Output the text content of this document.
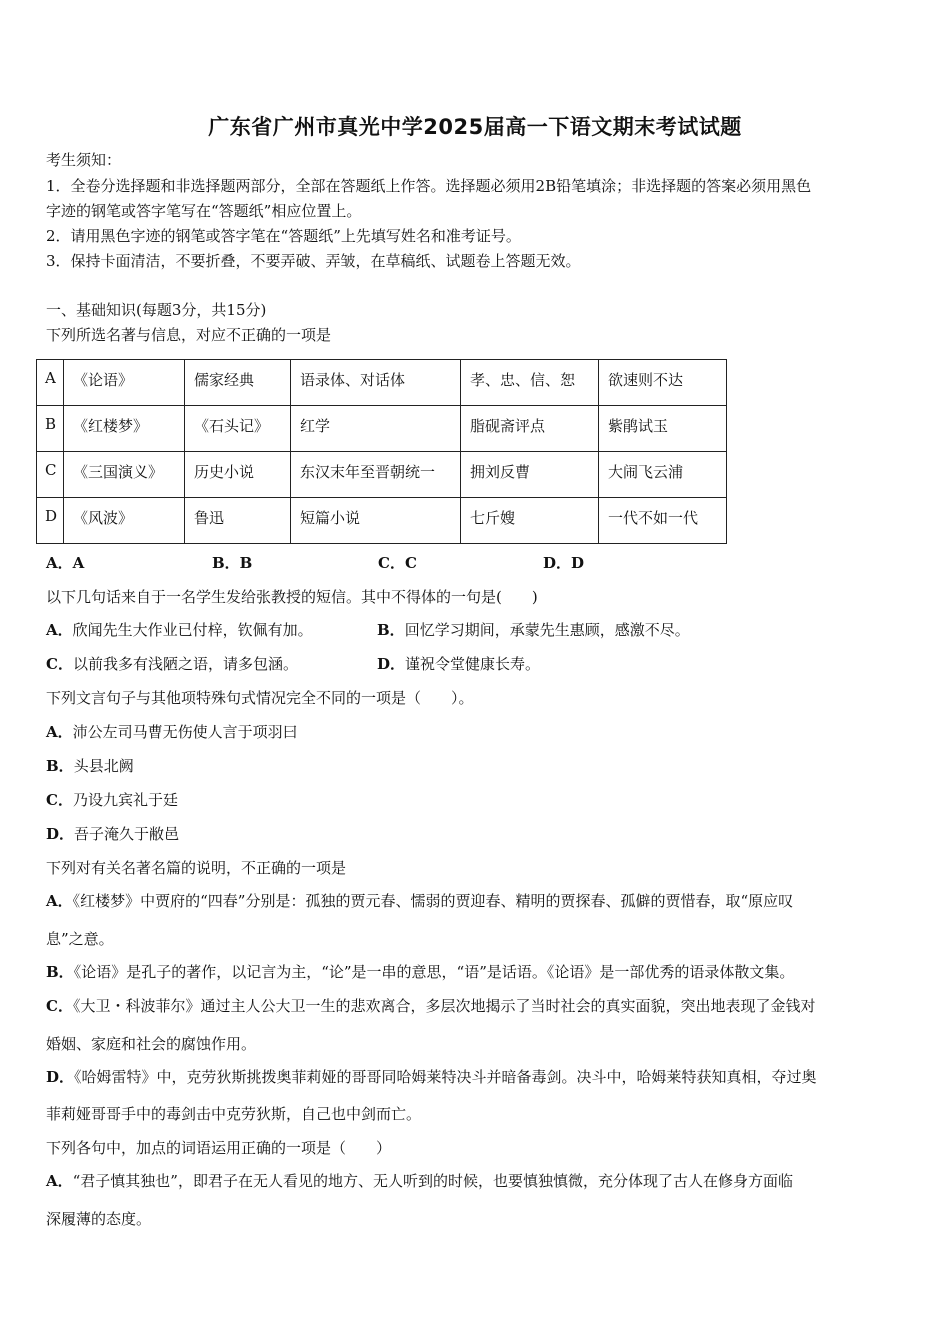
广东省广州市真光中学2025届高一下语文期末考试试题
考生须知：
1．全卷分选择题和非选择题两部分，全部在答题纸上作答。选择题必须用2B铅笔填涂；非选择题的答案必须用黑色
字迹的钢笔或答字笔写在“答题纸”相应位置上。
2．请用黑色字迹的钢笔或答字笔在“答题纸”上先填写姓名和准考证号。
3．保持卡面清洁，不要折叠，不要弄破、弄皱，在草稿纸、试题卷上答题无效。
一、基础知识(每题3分，共15分)
下列所选名著与信息，对应不正确的一项是
A	《论语》	儒家经典	语录体、对话体	孝、忠、信、恕	欲速则不达
B	《红楼梦》	《石头记》	红学	脂砚斋评点	紫鹃试玉
C	《三国演义》	历史小说	东汉末年至晋朝统一	拥刘反曹	大闹飞云浦
D	《风波》	鲁迅	短篇小说	七斤嫂	一代不如一代
A．A	B．B	C．C	D．D
以下几句话来自于一名学生发给张教授的短信。其中不得体的一句是(　　)
A．欣闻先生大作业已付梓，钦佩有加。	B．回忆学习期间，承蒙先生惠顾，感激不尽。
C．以前我多有浅陋之语，请多包涵。	D．谨祝令堂健康长寿。
下列文言句子与其他项特殊句式情况完全不同的一项是（　　）。
A．沛公左司马曹无伤使人言于项羽曰
B．头县北阙
C．乃设九宾礼于廷
D．吾子淹久于敝邑
下列对有关名著名篇的说明，不正确的一项是
A．《红楼梦》中贾府的“四春”分别是：孤独的贾元春、懦弱的贾迎春、精明的贾探春、孤僻的贾惜春，取“原应叹
息”之意。
B．《论语》是孔子的著作，以记言为主，“论”是一串的意思，“语”是话语。《论语》是一部优秀的语录体散文集。
C．《大卫・科波菲尔》通过主人公大卫一生的悲欢离合，多层次地揭示了当时社会的真实面貌，突出地表现了金钱对
婚姻、家庭和社会的腐蚀作用。
D．《哈姆雷特》中，克劳狄斯挑拨奥菲莉娅的哥哥同哈姆莱特决斗并暗备毒剑。决斗中，哈姆莱特获知真相，夺过奥
菲莉娅哥哥手中的毒剑击中克劳狄斯，自己也中剑而亡。
下列各句中，加点的词语运用正确的一项是（　　）
A．“君子慎其独也”，即君子在无人看见的地方、无人听到的时候，也要慎独慎微，充分体现了古人在修身方面临
深履薄的态度。
